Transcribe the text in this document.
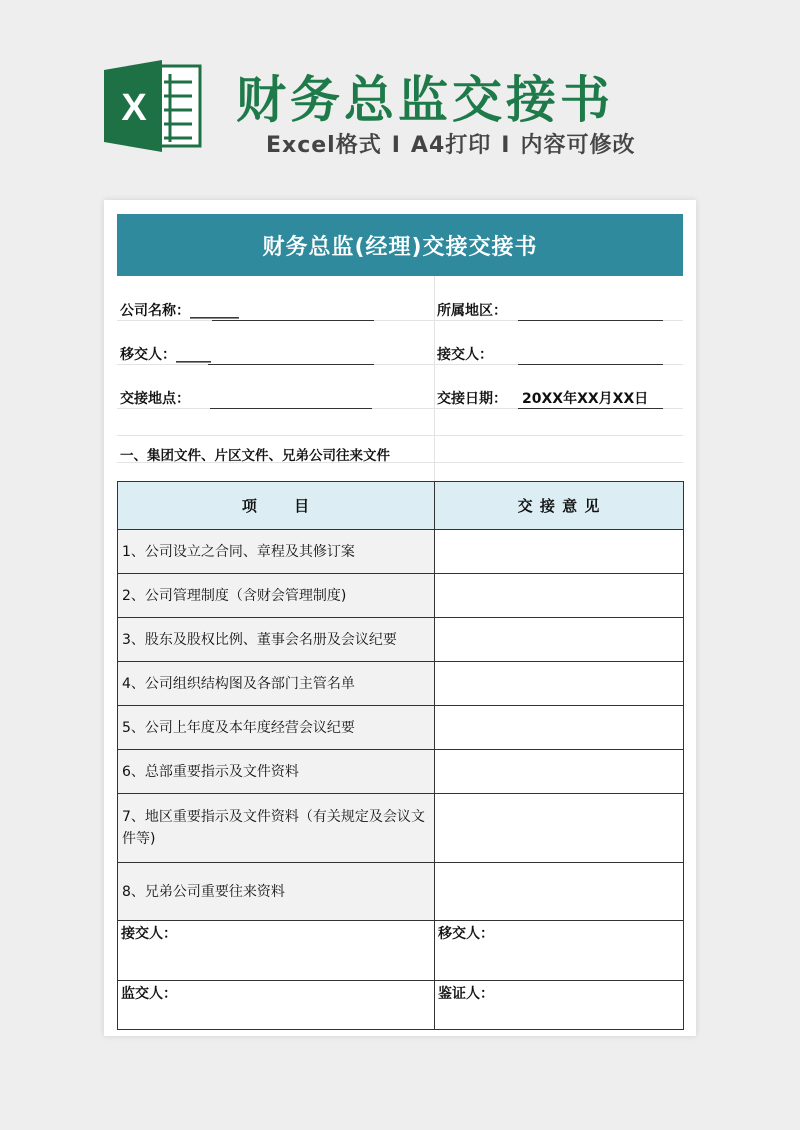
X 财务总监交接书
Excel格式 I A4打印 I 内容可修改
财务总监(经理)交接交接书
公司名称：_______	所属地区：
移交人：_____	接交人：
交接地点：	交接日期： 20XX年XX月XX日
一、集团文件、片区文件、兄弟公司往来文件
项 目	交 接 意 见
1、公司设立之合同、章程及其修订案
2、公司管理制度（含财会管理制度)
3、股东及股权比例、董事会名册及会议纪要
4、公司组织结构图及各部门主管名单
5、公司上年度及本年度经营会议纪要
6、总部重要指示及文件资料
7、地区重要指示及文件资料（有关规定及会议文件等)
8、兄弟公司重要往来资料
接交人：	移交人：
监交人：	鉴证人：
